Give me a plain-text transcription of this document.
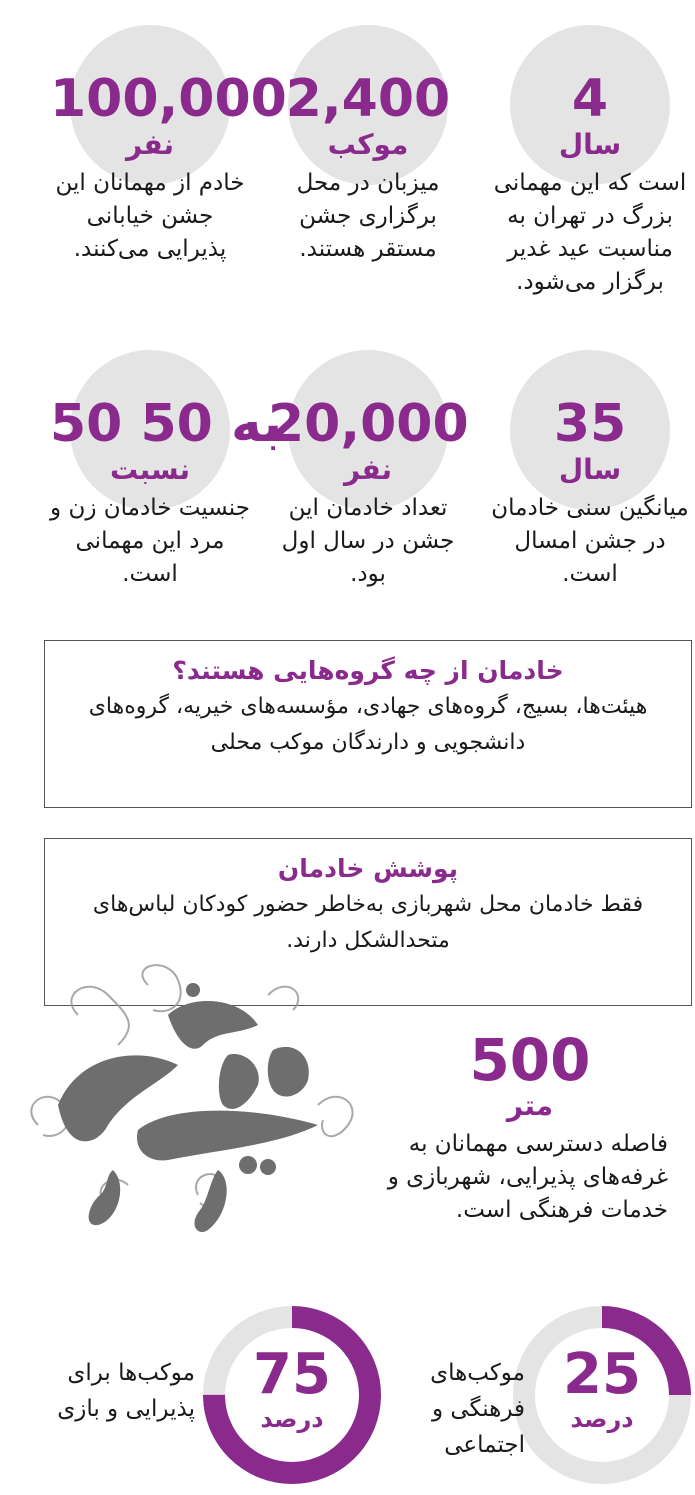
4
سال
است که این مهمانی بزرگ در تهران به مناسبت عید غدیر برگزار می‌شود.
2,400
موکب
میزبان در محل برگزاری جشن مستقر هستند.
100,000
نفر
خادم از مهمانان این جشن خیابانی پذیرایی می‌کنند.
35
سال
میانگین سنی خادمان در جشن امسال است.
20,000
نفر
تعداد خادمان این جشن در سال اول بود.
50 به 50
نسبت
جنسیت خادمان زن و مرد این مهمانی است.
خادمان از چه گروه‌هایی هستند؟
هیئت‌ها، بسیج، گروه‌های جهادی، مؤسسه‌های خیریه، گروه‌های دانشجویی و دارندگان موکب محلی
پوشش خادمان
فقط خادمان محل شهربازی به‌خاطر حضور کودکان لباس‌های متحدالشکل دارند.
500
متر
فاصله دسترسی مهمانان به غرفه‌های پذیرایی، شهربازی و خدمات فرهنگی است.
25
درصد
موکب‌های فرهنگی و اجتماعی
75
درصد
موکب‌ها برای پذیرایی و بازی
